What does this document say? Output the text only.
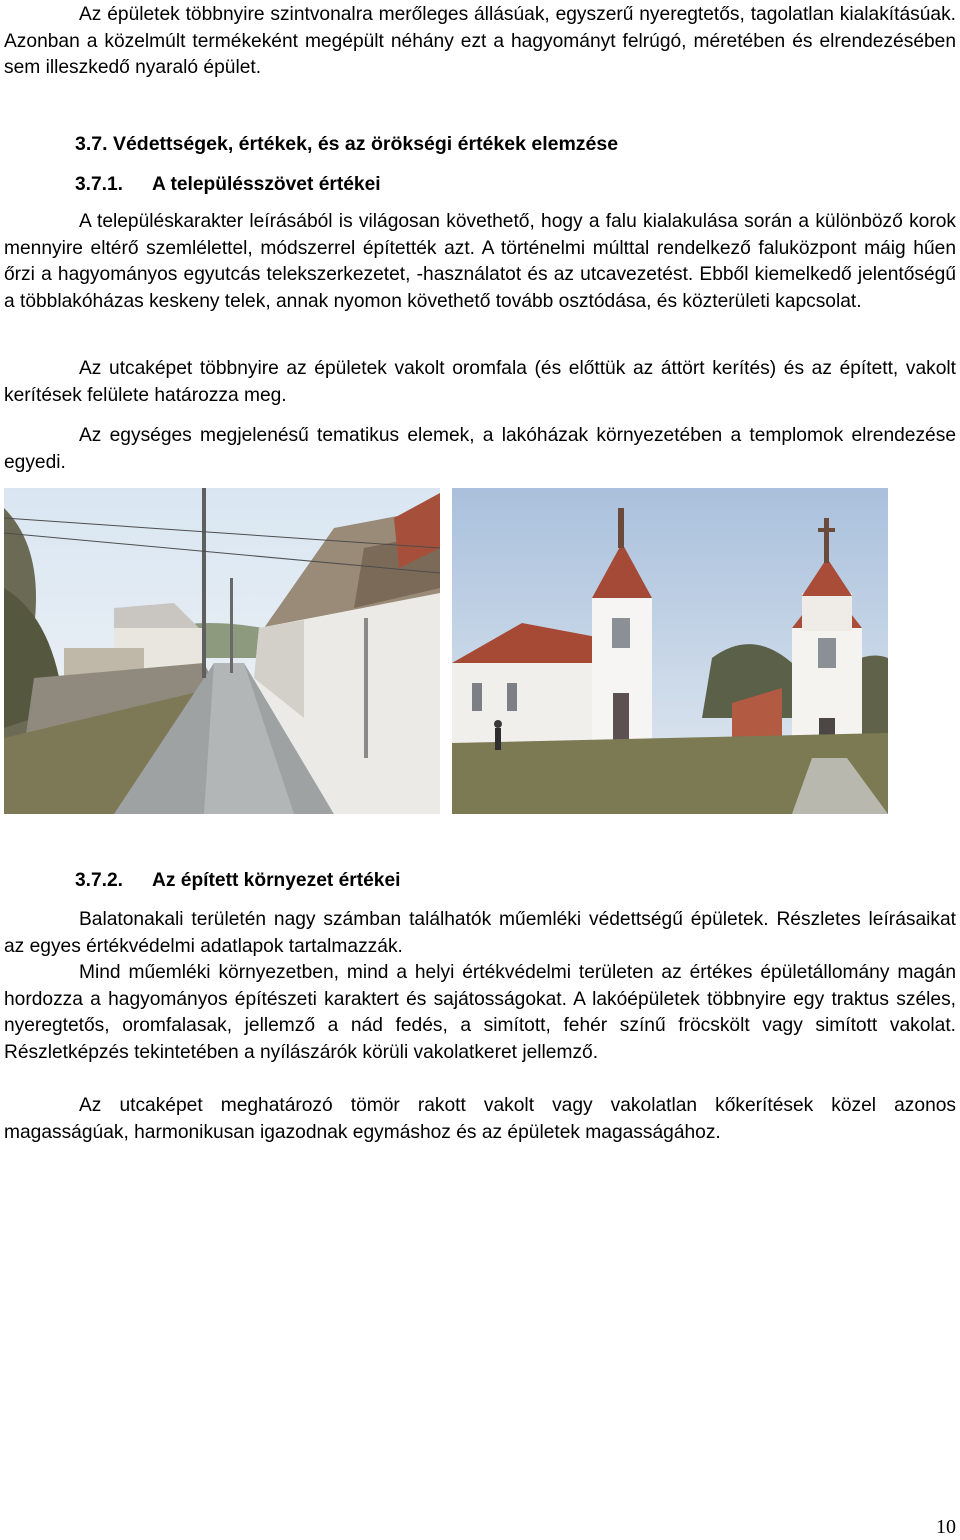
Az épületek többnyire szintvonalra merőleges állásúak, egyszerű nyeregtetős, tagolatlan kialakításúak. Azonban a közelmúlt termékeként megépült néhány ezt a hagyományt felrúgó, méretében és elrendezésében sem illeszkedő nyaraló épület.

3.7. Védettségek, értékek, és az örökségi értékek elemzése
3.7.1. A településszövet értékei

A településkarakter leírásából is világosan követhető, hogy a falu kialakulása során a különböző korok mennyire eltérő szemlélettel, módszerrel építették azt. A történelmi múlttal rendelkező faluközpont máig hűen őrzi a hagyományos egyutcás telekszerkezetet, -használatot és az utcavezetést. Ebből kiemelkedő jelentőségű a többlakóházas keskeny telek, annak nyomon követhető tovább osztódása, és közterületi kapcsolat.

Az utcaképet többnyire az épületek vakolt oromfala (és előttük az áttört kerítés) és az épített, vakolt kerítések felülete határozza meg.

Az egységes megjelenésű tematikus elemek, a lakóházak környezetében a templomok elrendezése egyedi.

3.7.2. Az épített környezet értékei

Balatonakali területén nagy számban találhatók műemléki védettségű épületek. Részletes leírásaikat az egyes értékvédelmi adatlapok tartalmazzák.

Mind műemléki környezetben, mind a helyi értékvédelmi területen az értékes épületállomány magán hordozza a hagyományos építészeti karaktert és sajátosságokat. A lakóépületek többnyire egy traktus széles, nyeregtetős, oromfalasak, jellemző a nád fedés, a simított, fehér színű fröcskölt vagy simított vakolat. Részletképzés tekintetében a nyílászárók körüli vakolatkeret jellemző.

Az utcaképet meghatározó tömör rakott vakolt vagy vakolatlan kőkerítések közel azonos magasságúak, harmonikusan igazodnak egymáshoz és az épületek magasságához.

10
